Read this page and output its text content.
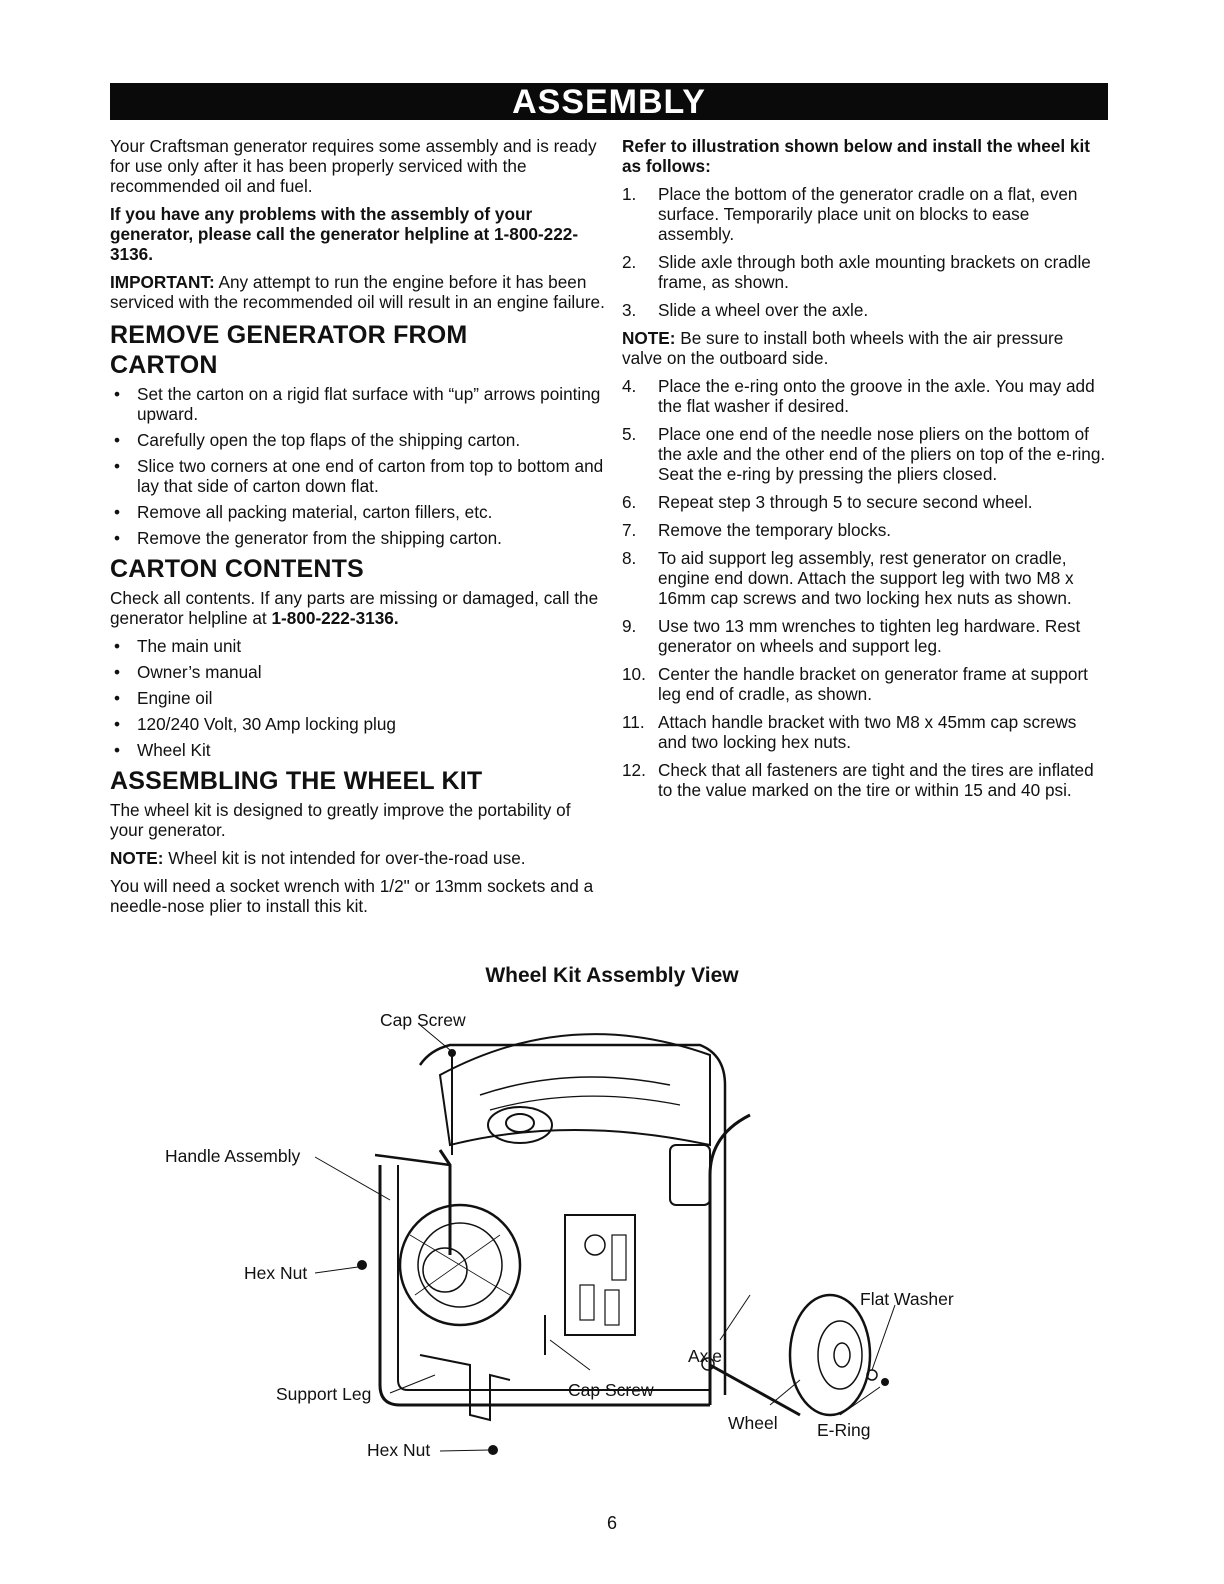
ASSEMBLY

Your Craftsman generator requires some assembly and is ready for use only after it has been properly serviced with the recommended oil and fuel.

If you have any problems with the assembly of your generator, please call the generator helpline at 1-800-222-3136.

IMPORTANT: Any attempt to run the engine before it has been serviced with the recommended oil will result in an engine failure.

REMOVE GENERATOR FROM
CARTON
• Set the carton on a rigid flat surface with “up” arrows pointing upward.
• Carefully open the top flaps of the shipping carton.
• Slice two corners at one end of carton from top to bottom and lay that side of carton down flat.
• Remove all packing material, carton fillers, etc.
• Remove the generator from the shipping carton.
CARTON CONTENTS

Check all contents. If any parts are missing or damaged, call the generator helpline at 1-800-222-3136.

• The main unit
• Owner’s manual
• Engine oil
• 120/240 Volt, 30 Amp locking plug
• Wheel Kit
ASSEMBLING THE WHEEL KIT

The wheel kit is designed to greatly improve the portability of your generator.

NOTE: Wheel kit is not intended for over-the-road use.

You will need a socket wrench with 1/2" or 13mm sockets and a needle-nose plier to install this kit.

Refer to illustration shown below and install the wheel kit as follows:

1. Place the bottom of the generator cradle on a flat, even surface. Temporarily place unit on blocks to ease assembly.
2. Slide axle through both axle mounting brackets on cradle frame, as shown.
3. Slide a wheel over the axle.

NOTE: Be sure to install both wheels with the air pressure valve on the outboard side.

4. Place the e-ring onto the groove in the axle. You may add the flat washer if desired.
5. Place one end of the needle nose pliers on the bottom of the axle and the other end of the pliers on top of the e-ring. Seat the e-ring by pressing the pliers closed.
6. Repeat step 3 through 5 to secure second wheel.
7. Remove the temporary blocks.
8. To aid support leg assembly, rest generator on cradle, engine end down. Attach the support leg with two M8 x 16mm cap screws and two locking hex nuts as shown.
9. Use two 13 mm wrenches to tighten leg hardware. Rest generator on wheels and support leg.
10. Center the handle bracket on generator frame at support leg end of cradle, as shown.
11. Attach handle bracket with two M8 x 45mm cap screws and two locking hex nuts.
12. Check that all fasteners are tight and the tires are inflated to the value marked on the tire or within 15 and 40 psi.
Wheel Kit Assembly View
Cap Screw
Handle Assembly
Hex Nut
Support Leg
Hex Nut
Cap Screw
Axle
Flat Washer
Wheel E-Ring
6
